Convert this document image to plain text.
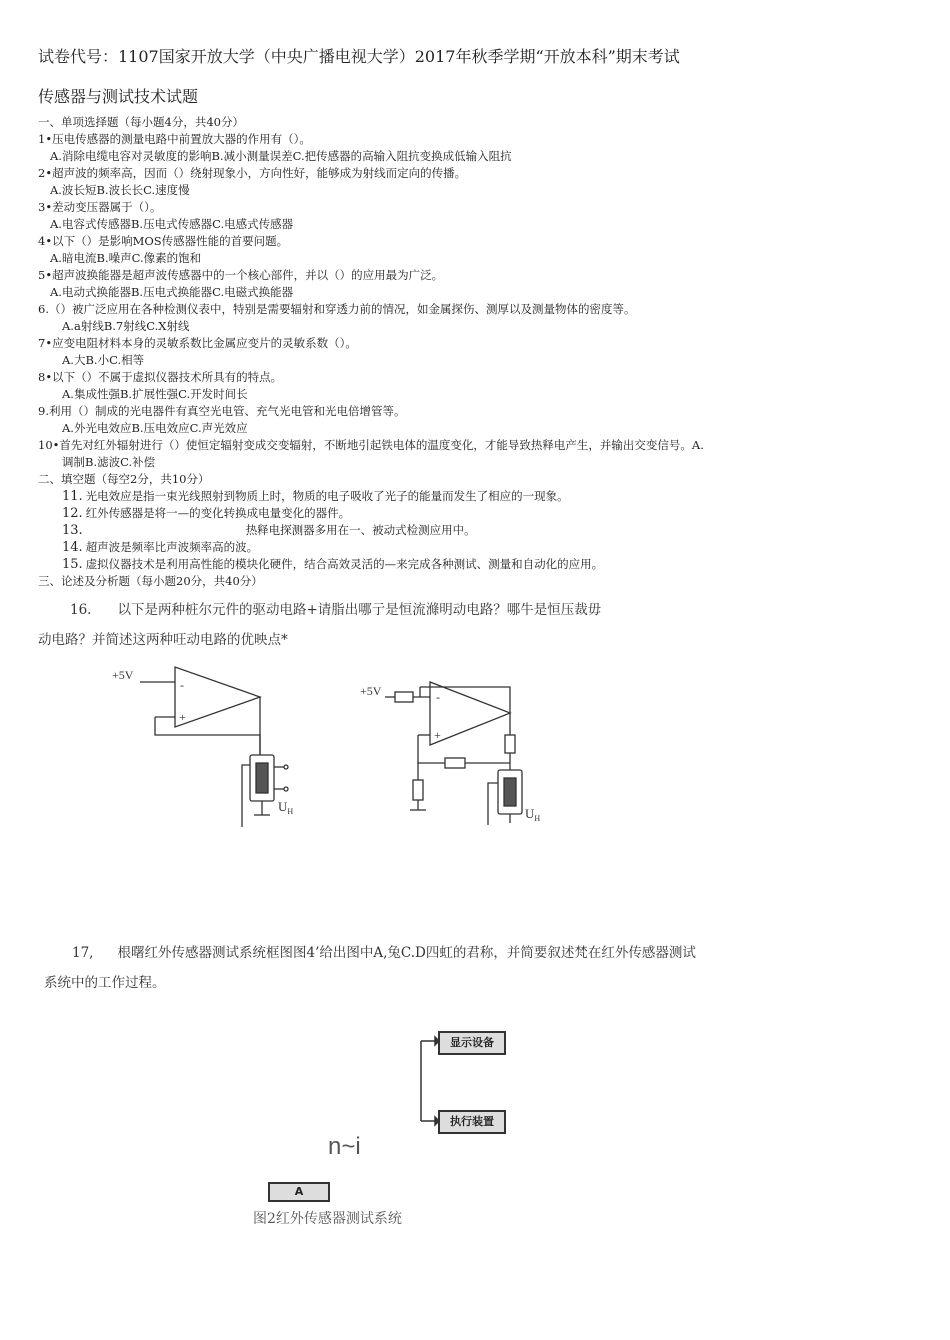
试卷代号：1107国家开放大学（中央广播电视大学）2017年秋季学期“开放本科”期末考试
传感器与测试技术试题
一、单项选择题（每小题4分，共40分）
1•压电传感器的测量电路中前置放大器的作用有（）。
A.消除电缆电容对灵敏度的影响B.减小测量误差C.把传感器的高输入阻抗变换成低输入阻抗
2•超声波的频率高，因而（）绕射现象小，方向性好，能够成为射线而定向的传播。
A.波长短B.波长长C.速度慢
3•差动变压器属于（）。
A.电容式传感器B.压电式传感器C.电感式传感器
4•以下（）是影响MOS传感器性能的首要问题。
A.暗电流B.噪声C.像素的饱和
5•超声波换能器是超声波传感器中的一个核心部件，并以（）的应用最为广泛。
A.电动式换能器B.压电式换能器C.电磁式换能器
6.（）被广泛应用在各种检测仪表中，特别是需要辐射和穿透力前的情况，如金属探伤、测厚以及测量物体的密度等。
A.a射线B.7射线C.X射线
7•应变电阻材料本身的灵敏系数比金属应变片的灵敏系数（）。
A.大B.小C.相等
8•以下（）不属于虚拟仪器技术所具有的特点。
A.集成性强B.扩展性强C.开发时间长
9.利用（）制成的光电器件有真空光电管、充气光电管和光电倍增管等。
A.外光电效应B.压电效应C.声光效应
10•首先对红外辐射进行（）使恒定辐射变成交变辐射，不断地引起铁电体的温度变化，才能导致热释电产生，并输出交变信号。A.
调制B.滤波C.补偿
二、填空题（每空2分，共10分）
11. 光电效应是指一束光线照射到物质上时，物质的电子吸收了光子的能量而发生了相应的一现象。
12. 红外传感器是将一—的变化转换成电量变化的器件。
13.	热释电探测器多用在一、被动式检测应用中。
14. 超声波是频率比声波频率高的波。
15. 虚拟仪器技术是利用高性能的模块化硬件，结合高效灵活的—来完成各种测试、测量和自动化的应用。
三、论述及分析题（每小题20分，共40分）
16. 以下是两种桩尔元件的驱动电路+请脂出哪亍是恒流滌明动电路？哪牛是恒压裁毋
动电路？并简述这两种㕵动电路的优映点*
+5V
-
+
$U_H$
+5V	-
+
$U_H$
17, 根曙红外传感器测试系统框图图4’给出图中A,兔C.D四虹的君称，并简要叙述梵在红外传感器测试
系统中的工作过程。
显示设备
执行装置
n~i
A
图2红外传感器测试系统
